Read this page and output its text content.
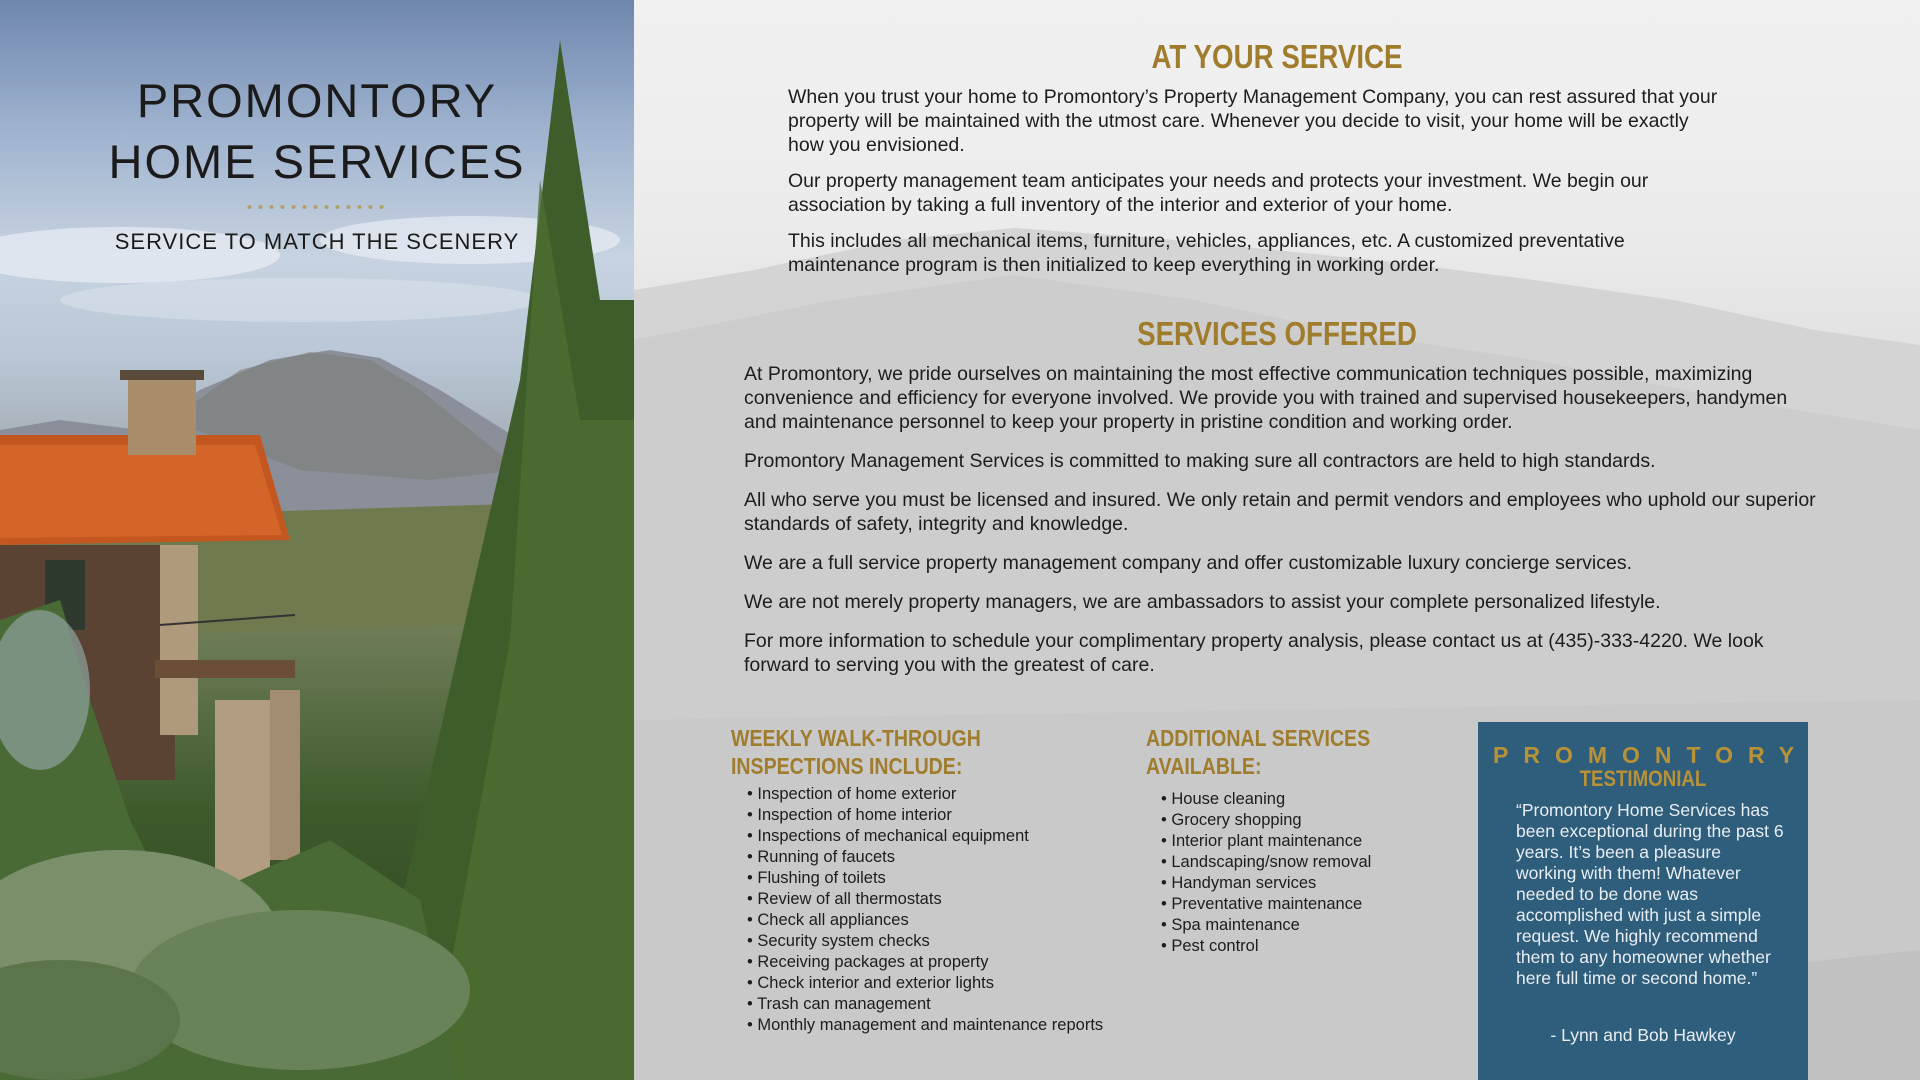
PROMONTORY
HOME SERVICES
SERVICE TO MATCH THE SCENERY
AT YOUR SERVICE

When you trust your home to Promontory’s Property Management Company, you can rest assured that your property will be maintained with the utmost care. Whenever you decide to visit, your home will be exactly how you envisioned.

Our property management team anticipates your needs and protects your investment. We begin our association by taking a full inventory of the interior and exterior of your home.

This includes all mechanical items, furniture, vehicles, appliances, etc. A customized preventative maintenance program is then initialized to keep everything in working order.

SERVICES OFFERED

At Promontory, we pride ourselves on maintaining the most effective communication techniques possible, maximizing convenience and efficiency for everyone involved. We provide you with trained and supervised housekeepers, handymen and maintenance personnel to keep your property in pristine condition and working order.

Promontory Management Services is committed to making sure all contractors are held to high standards.

All who serve you must be licensed and insured. We only retain and permit vendors and employees who uphold our superior standards of safety, integrity and knowledge.

We are a full service property management company and offer customizable luxury concierge services.

We are not merely property managers, we are ambassadors to assist your complete personalized lifestyle.

For more information to schedule your complimentary property analysis, please contact us at (435)-333-4220. We look forward to serving you with the greatest of care.

WEEKLY WALK-THROUGH
INSPECTIONS INCLUDE:
• Inspection of home exterior
• Inspection of home interior
• Inspections of mechanical equipment
• Running of faucets
• Flushing of toilets
• Review of all thermostats
• Check all appliances
• Security system checks
• Receiving packages at property
• Check interior and exterior lights
• Trash can management
• Monthly management and maintenance reports
ADDITIONAL SERVICES
AVAILABLE:
• House cleaning
• Grocery shopping
• Interior plant maintenance
• Landscaping/snow removal
• Handyman services
• Preventative maintenance
• Spa maintenance
• Pest control

PROMONTORY

TESTIMONIAL

“Promontory Home Services has been exceptional during the past 6 years. It’s been a pleasure working with them! Whatever needed to be done was accomplished with just a simple request. We highly recommend them to any homeowner whether here full time or second home.”

- Lynn and Bob Hawkey
